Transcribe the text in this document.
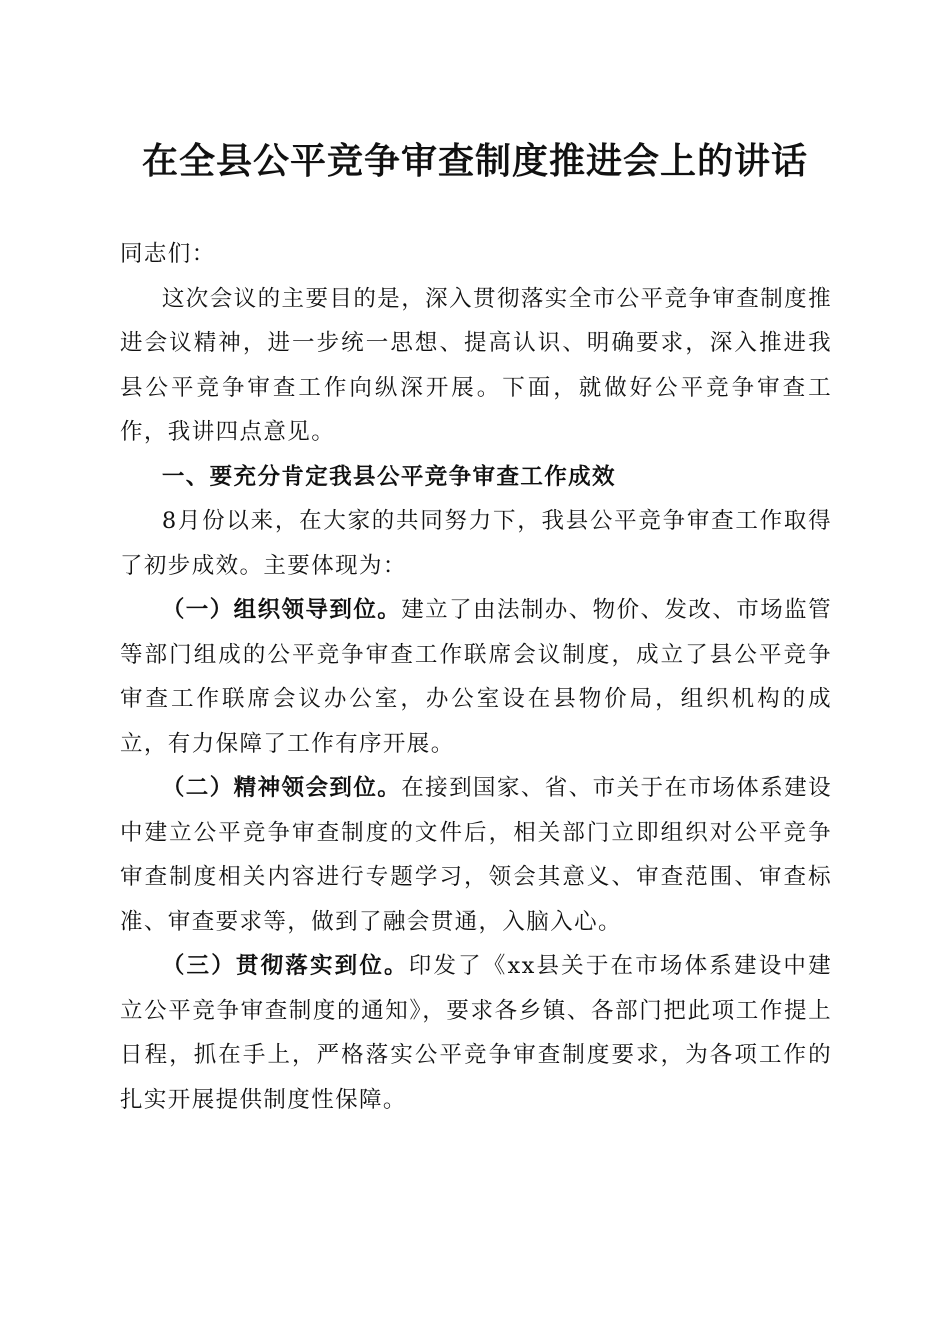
在全县公平竞争审查制度推进会上的讲话

同志们：

这次会议的主要目的是，深入贯彻落实全市公平竞争审查制度推进会议精神，进一步统一思想、提高认识、明确要求，深入推进我县公平竞争审查工作向纵深开展。下面，就做好公平竞争审查工作，我讲四点意见。

一、要充分肯定我县公平竞争审查工作成效

8月份以来，在大家的共同努力下，我县公平竞争审查工作取得了初步成效。主要体现为：

（一）组织领导到位。建立了由法制办、物价、发改、市场监管等部门组成的公平竞争审查工作联席会议制度，成立了县公平竞争审查工作联席会议办公室，办公室设在县物价局，组织机构的成立，有力保障了工作有序开展。

（二）精神领会到位。在接到国家、省、市关于在市场体系建设中建立公平竞争审查制度的文件后，相关部门立即组织对公平竞争审查制度相关内容进行专题学习，领会其意义、审查范围、审查标准、审查要求等，做到了融会贯通，入脑入心。

（三）贯彻落实到位。印发了《xx县关于在市场体系建设中建立公平竞争审查制度的通知》，要求各乡镇、各部门把此项工作提上日程，抓在手上，严格落实公平竞争审查制度要求，为各项工作的扎实开展提供制度性保障。
